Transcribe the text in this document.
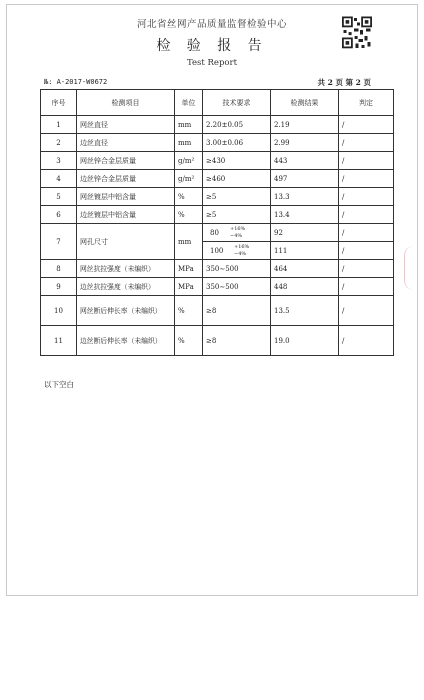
河北省丝网产品质量监督检验中心
检 验 报 告
Test Report
№: A-2017-W0672	共 2 页 第 2 页
序号	检测项目	单位	技术要求	检测结果	判定
1	网丝直径	mm	2.20±0.05	2.19	/
2	边丝直径	mm	3.00±0.06	2.99	/
3	网丝锌合金层质量	g/m²	≥430	443	/
4	边丝锌合金层质量	g/m²	≥460	497	/
5	网丝镀层中铝含量	%	≥5	13.3	/
6	边丝镀层中铝含量	%	≥5	13.4	/
7	网孔尺寸	mm	80 +16%
−4%	92	/

			100 +16%
−4%	111	/
8	网丝抗拉强度（未编织）	MPa	350∼500	464	/
9	边丝抗拉强度（未编织）	MPa	350∼500	448	/
10	网丝断后伸长率（未编织）	%	≥8	13.5	/
11	边丝断后伸长率（未编织）	%	≥8	19.0	/
以下空白
